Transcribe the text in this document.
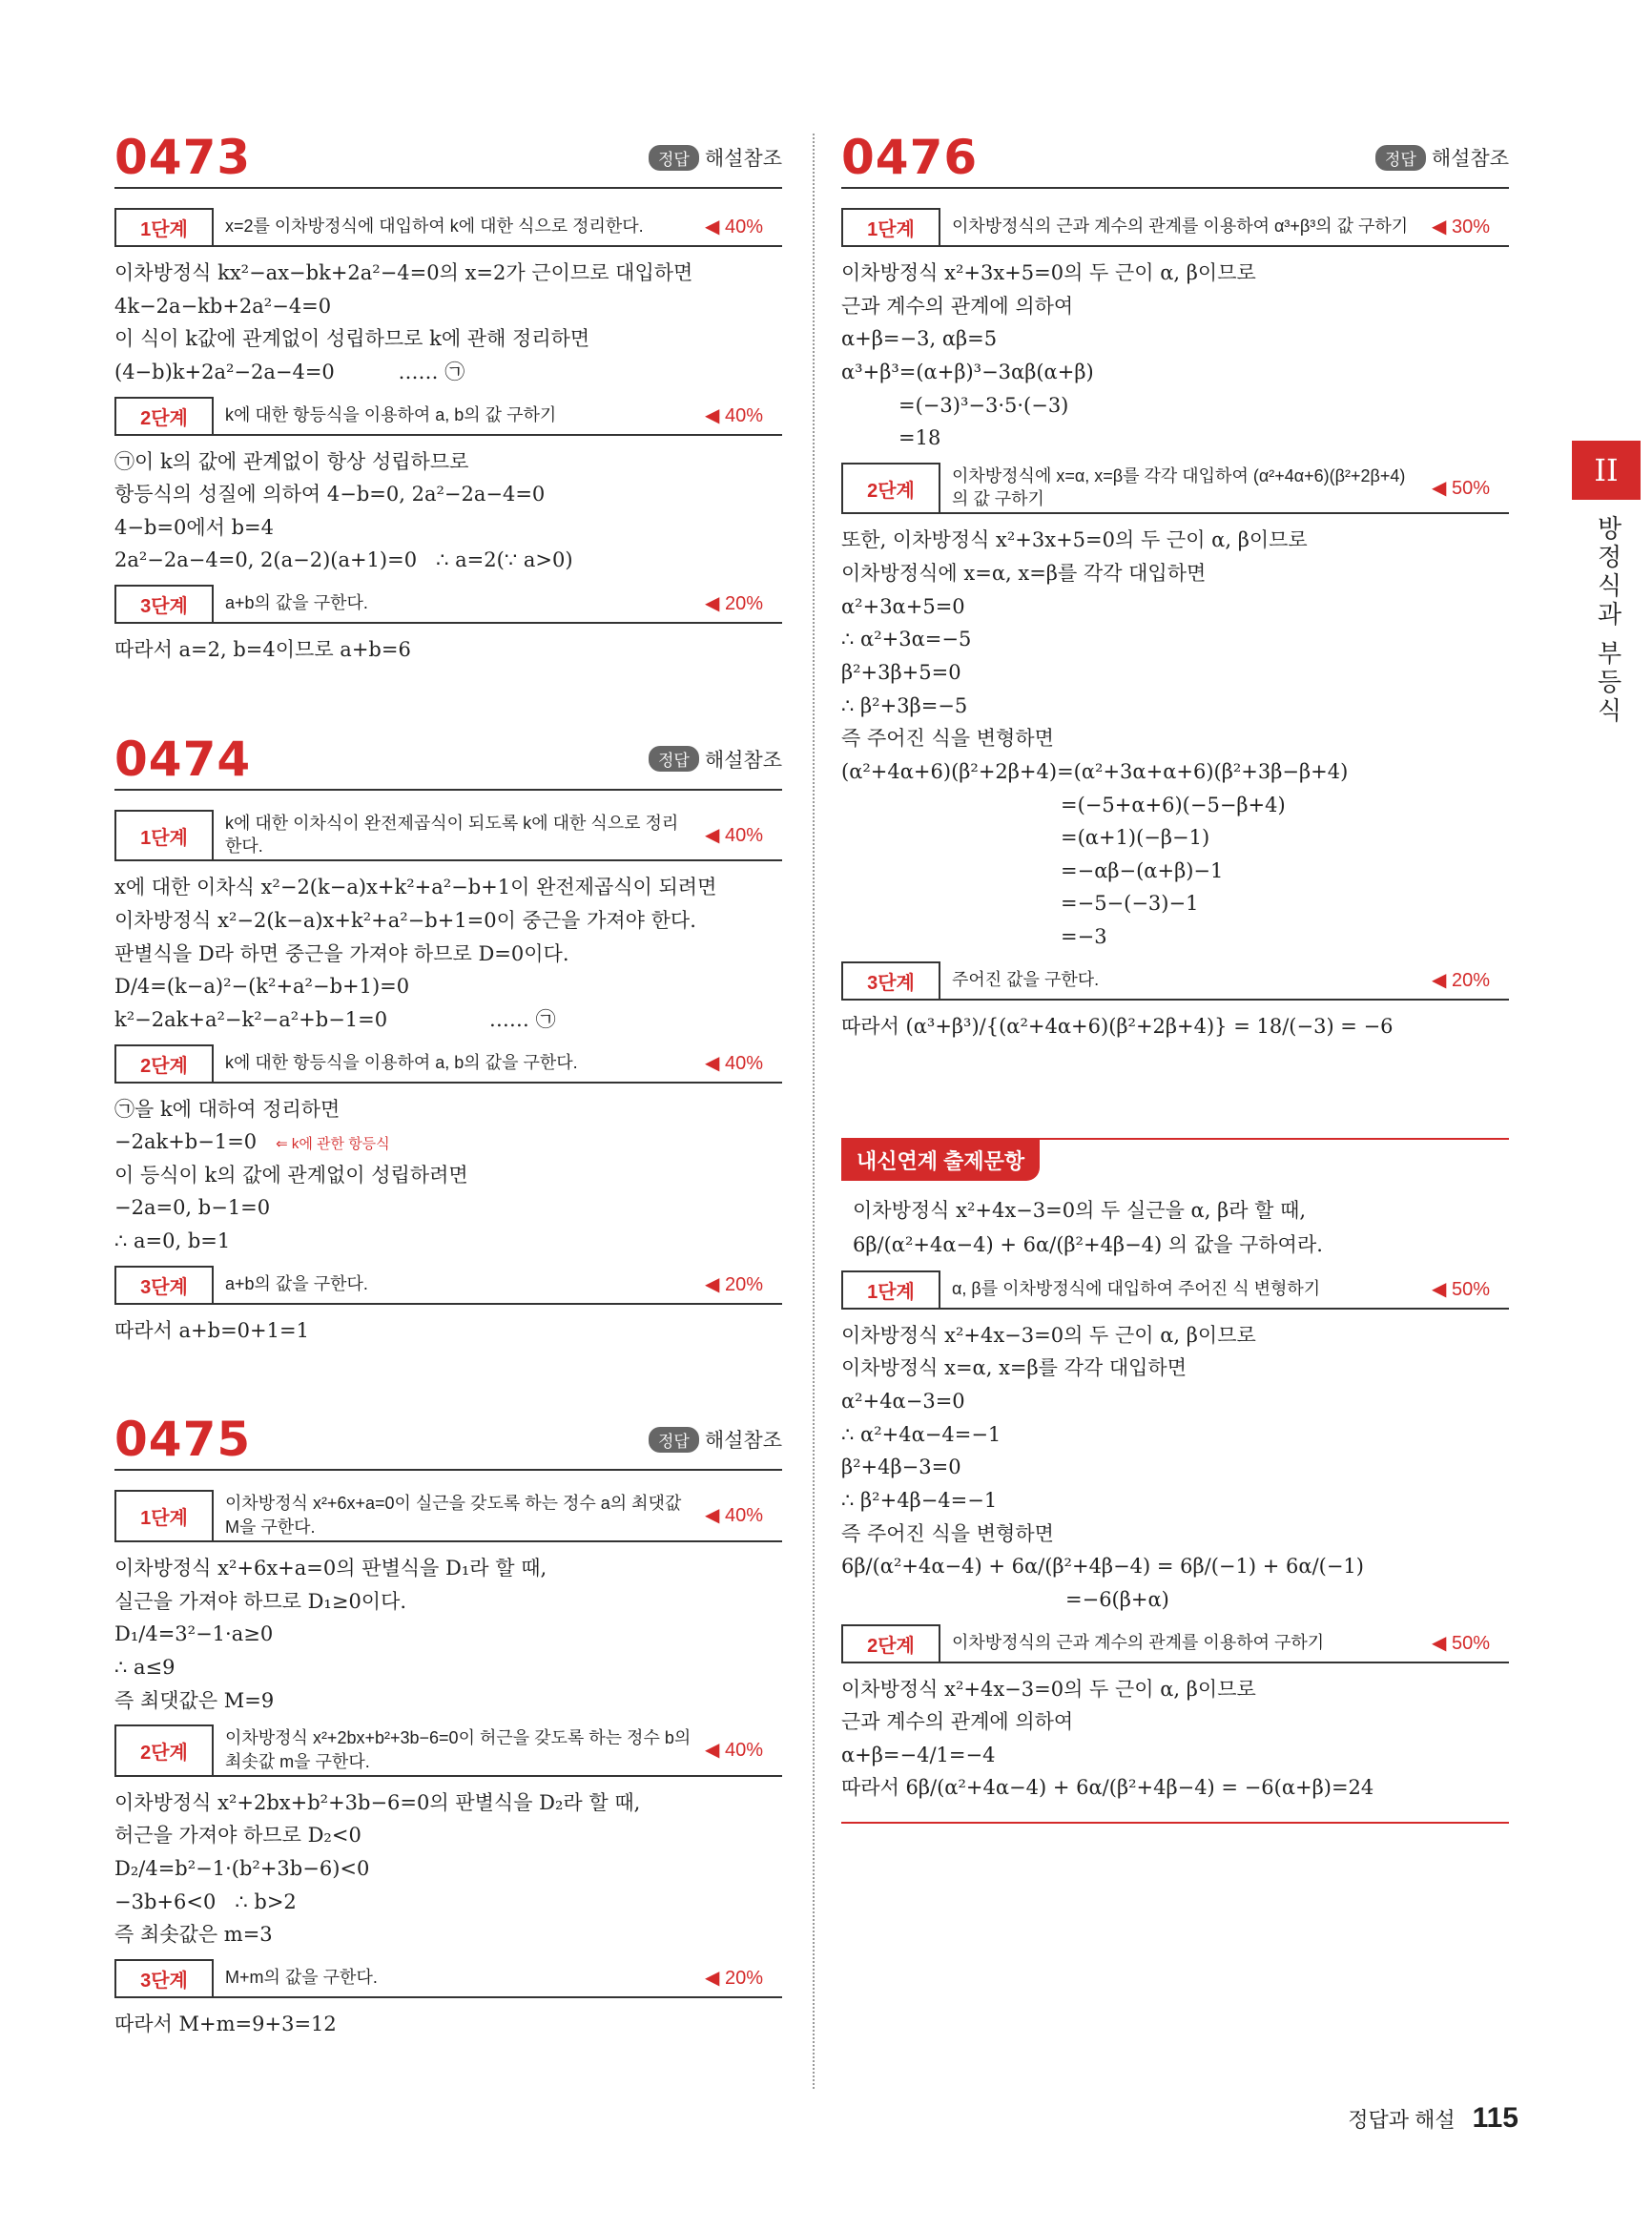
0473	정답 해설참조
1단계	x=2를 이차방정식에 대입하여 k에 대한 식으로 정리한다.	◀ 40%
이차방정식 kx²−ax−bk+2a²−4=0의 x=2가 근이므로 대입하면
4k−2a−kb+2a²−4=0
이 식이 k값에 관계없이 성립하므로 k에 관해 정리하면
(4−b)k+2a²−2a−4=0          …… ㉠
2단계	k에 대한 항등식을 이용하여 a, b의 값 구하기	◀ 40%
㉠이 k의 값에 관계없이 항상 성립하므로
항등식의 성질에 의하여 4−b=0, 2a²−2a−4=0
4−b=0에서 b=4
2a²−2a−4=0, 2(a−2)(a+1)=0   ∴ a=2(∵ a>0)
3단계	a+b의 값을 구한다.	◀ 20%
따라서 a=2, b=4이므로 a+b=6
0474	정답 해설참조
1단계
k에 대한 이차식이 완전제곱식이 되도록 k에 대한 식으로 정리한다.
◀ 40%
x에 대한 이차식 x²−2(k−a)x+k²+a²−b+1이 완전제곱식이 되려면
이차방정식 x²−2(k−a)x+k²+a²−b+1=0이 중근을 가져야 한다.
판별식을 D라 하면 중근을 가져야 하므로 D=0이다.
D/4=(k−a)²−(k²+a²−b+1)=0
k²−2ak+a²−k²−a²+b−1=0                …… ㉠
2단계	k에 대한 항등식을 이용하여 a, b의 값을 구한다.	◀ 40%
㉠을 k에 대하여 정리하면
−2ak+b−1=0 ⇐ k에 관한 항등식
이 등식이 k의 값에 관계없이 성립하려면
−2a=0, b−1=0
∴ a=0, b=1
3단계	a+b의 값을 구한다.	◀ 20%
따라서 a+b=0+1=1
0475	정답 해설참조
1단계
이차방정식 x²+6x+a=0이 실근을 갖도록 하는 정수 a의 최댓값 M을 구한다.
◀ 40%
이차방정식 x²+6x+a=0의 판별식을 D₁라 할 때,
실근을 가져야 하므로 D₁≥0이다.
D₁/4=3²−1·a≥0
∴ a≤9
즉 최댓값은 M=9
2단계
이차방정식 x²+2bx+b²+3b−6=0이 허근을 갖도록 하는 정수 b의 최솟값 m을 구한다.
◀ 40%
이차방정식 x²+2bx+b²+3b−6=0의 판별식을 D₂라 할 때,
허근을 가져야 하므로 D₂<0
D₂/4=b²−1·(b²+3b−6)<0
−3b+6<0   ∴ b>2
즉 최솟값은 m=3
3단계	M+m의 값을 구한다.	◀ 20%
따라서 M+m=9+3=12
0476	정답 해설참조
1단계	이차방정식의 근과 계수의 관계를 이용하여 α³+β³의 값 구하기	◀ 30%
이차방정식 x²+3x+5=0의 두 근이 α, β이므로
근과 계수의 관계에 의하여
α+β=−3, αβ=5
α³+β³=(α+β)³−3αβ(α+β)
=(−3)³−3·5·(−3)
=18
2단계
이차방정식에 x=α, x=β를 각각 대입하여 (α²+4α+6)(β²+2β+4)의 값 구하기
◀ 50%
또한, 이차방정식 x²+3x+5=0의 두 근이 α, β이므로
이차방정식에 x=α, x=β를 각각 대입하면
α²+3α+5=0
∴ α²+3α=−5
β²+3β+5=0
∴ β²+3β=−5
즉 주어진 식을 변형하면
(α²+4α+6)(β²+2β+4)=(α²+3α+α+6)(β²+3β−β+4)
=(−5+α+6)(−5−β+4)
=(α+1)(−β−1)
=−αβ−(α+β)−1
=−5−(−3)−1
=−3
3단계	주어진 값을 구한다.	◀ 20%
따라서 (α³+β³)/{(α²+4α+6)(β²+2β+4)} = 18/(−3) = −6
내신연계 출제문항
이차방정식 x²+4x−3=0의 두 실근을 α, β라 할 때,
6β/(α²+4α−4) + 6α/(β²+4β−4) 의 값을 구하여라.
1단계	α, β를 이차방정식에 대입하여 주어진 식 변형하기	◀ 50%
이차방정식 x²+4x−3=0의 두 근이 α, β이므로
이차방정식 x=α, x=β를 각각 대입하면
α²+4α−3=0
∴ α²+4α−4=−1
β²+4β−3=0
∴ β²+4β−4=−1
즉 주어진 식을 변형하면
6β/(α²+4α−4) + 6α/(β²+4β−4) = 6β/(−1) + 6α/(−1)
=−6(β+α)
2단계	이차방정식의 근과 계수의 관계를 이용하여 구하기	◀ 50%
이차방정식 x²+4x−3=0의 두 근이 α, β이므로
근과 계수의 관계에 의하여
α+β=−4/1=−4
따라서 6β/(α²+4α−4) + 6α/(β²+4β−4) = −6(α+β)=24
II
방정식과 부등식
정답과 해설 115
